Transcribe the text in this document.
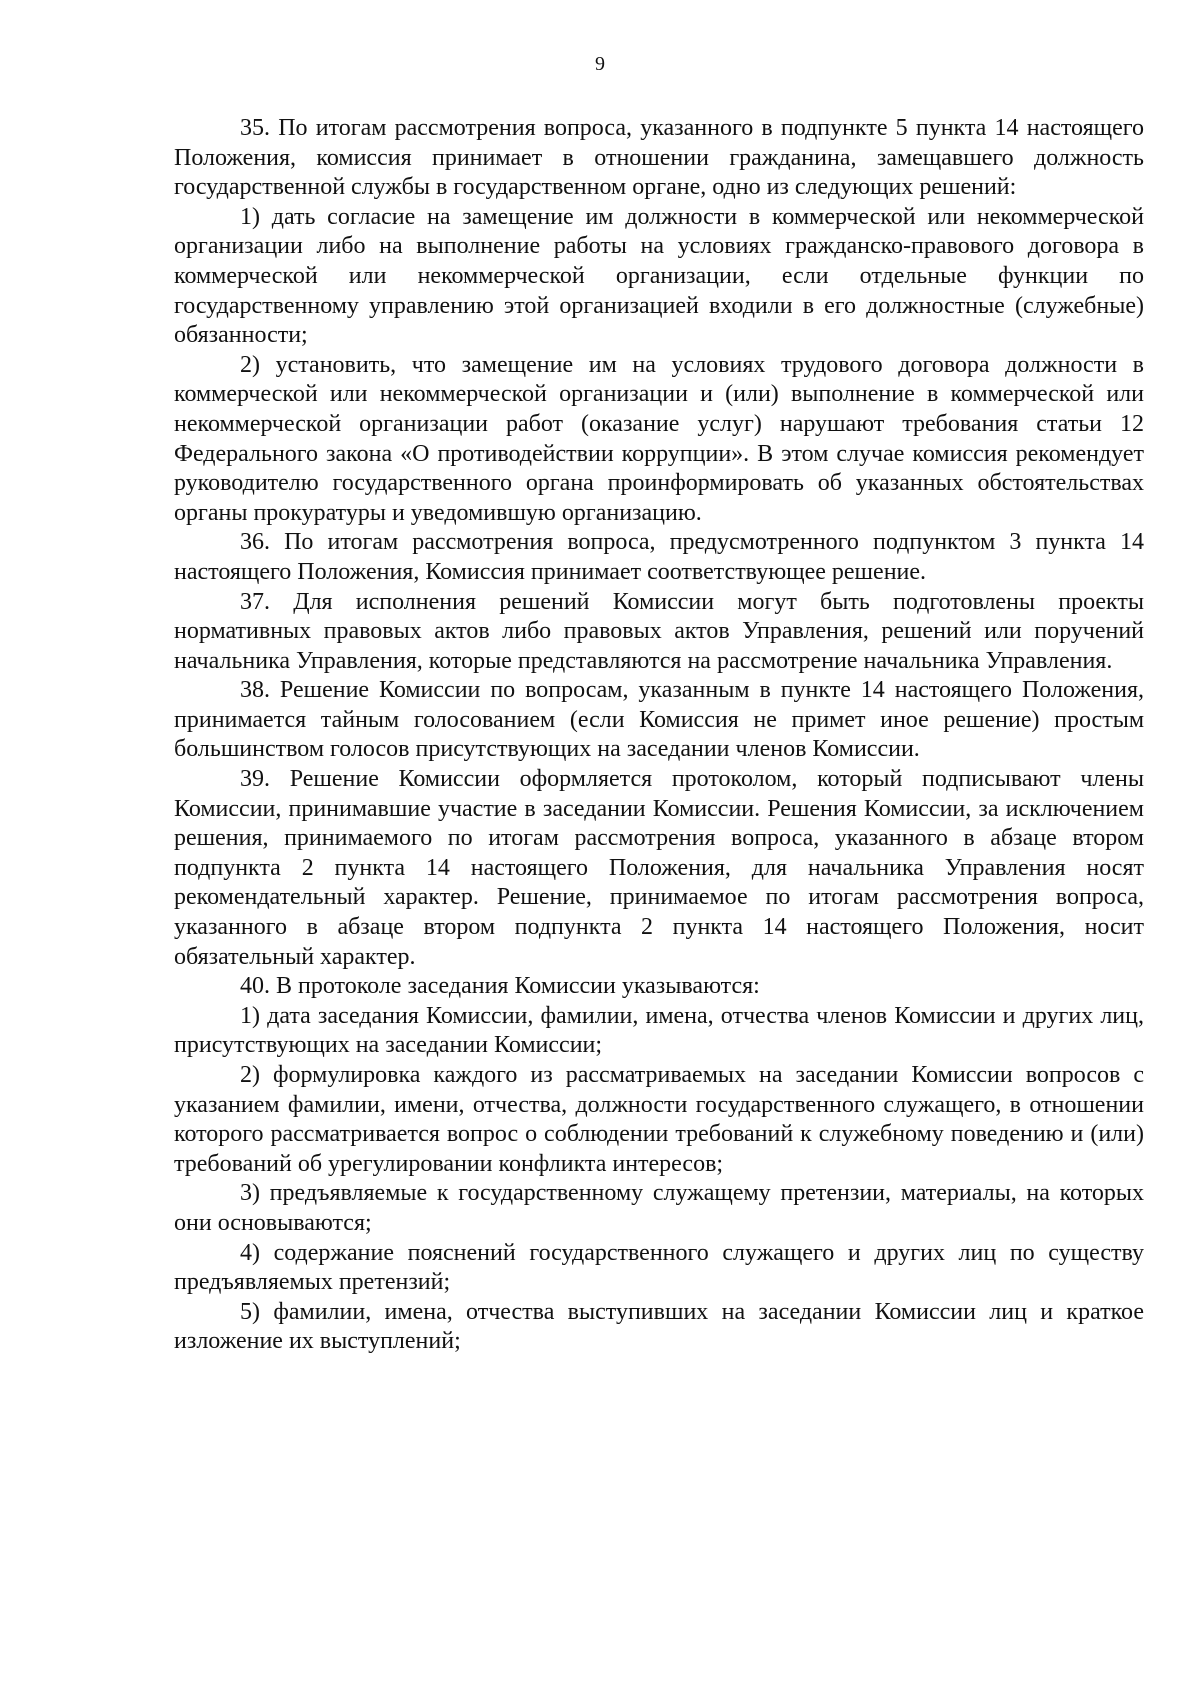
9

35. По итогам рассмотрения вопроса, указанного в подпункте 5 пункта 14 настоящего Положения, комиссия принимает в отношении гражданина, замещавшего должность государственной службы в государственном органе, одно из следующих решений:

1) дать согласие на замещение им должности в коммерческой или некоммерческой организации либо на выполнение работы на условиях гражданско-правового договора в коммерческой или некоммерческой организации, если отдельные функции по государственному управлению этой организацией входили в его должностные (служебные) обязанности;

2) установить, что замещение им на условиях трудового договора должности в коммерческой или некоммерческой организации и (или) выполнение в коммерческой или некоммерческой организации работ (оказание услуг) нарушают требования статьи 12 Федерального закона «О противодействии коррупции». В этом случае комиссия рекомендует руководителю государственного органа проинформировать об указанных обстоятельствах органы прокуратуры и уведомившую организацию.

36. По итогам рассмотрения вопроса, предусмотренного подпунктом 3 пункта 14 настоящего Положения, Комиссия принимает соответствующее решение.

37. Для исполнения решений Комиссии могут быть подготовлены проекты нормативных правовых актов либо правовых актов Управления, решений или поручений начальника Управления, которые представляются на рассмотрение начальника Управления.

38. Решение Комиссии по вопросам, указанным в пункте 14 настоящего Положения, принимается тайным голосованием (если Комиссия не примет иное решение) простым большинством голосов присутствующих на заседании членов Комиссии.

39. Решение Комиссии оформляется протоколом, который подписывают члены Комиссии, принимавшие участие в заседании Комиссии. Решения Комиссии, за исключением решения, принимаемого по итогам рассмотрения вопроса, указанного в абзаце втором подпункта 2 пункта 14 настоящего Положения, для начальника Управления носят рекомендательный характер. Решение, принимаемое по итогам рассмотрения вопроса, указанного в абзаце втором подпункта 2 пункта 14 настоящего Положения, носит обязательный характер.

40. В протоколе заседания Комиссии указываются:

1) дата заседания Комиссии, фамилии, имена, отчества членов Комиссии и других лиц, присутствующих на заседании Комиссии;

2) формулировка каждого из рассматриваемых на заседании Комиссии вопросов с указанием фамилии, имени, отчества, должности государственного служащего, в отношении которого рассматривается вопрос о соблюдении требований к служебному поведению и (или) требований об урегулировании конфликта интересов;

3) предъявляемые к государственному служащему претензии, материалы, на которых они основываются;

4) содержание пояснений государственного служащего и других лиц по существу предъявляемых претензий;

5) фамилии, имена, отчества выступивших на заседании Комиссии лиц и краткое изложение их выступлений;
